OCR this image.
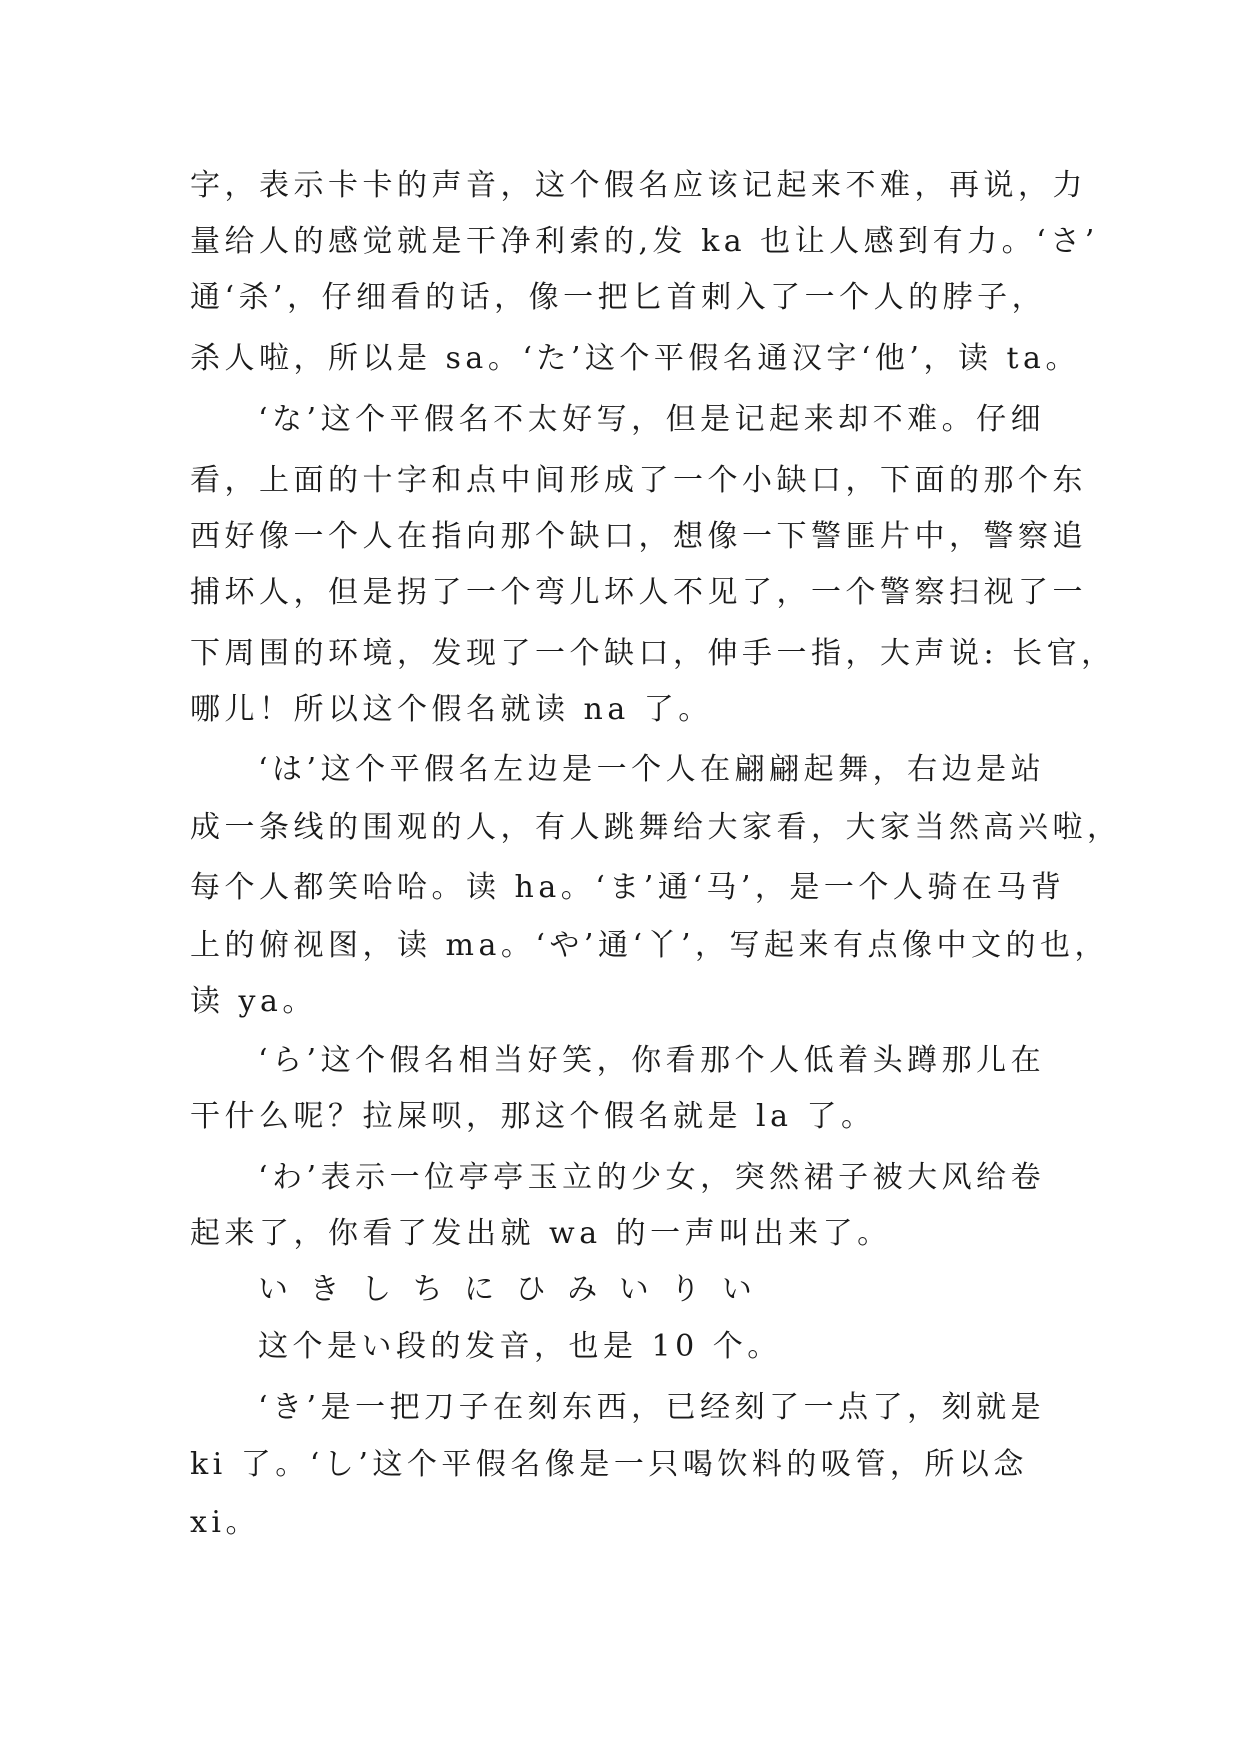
字，表示卡卡的声音，这个假名应该记起来不难，再说，力
量给人的感觉就是干净利索的,发 ka 也让人感到有力。‘さ’
通‘杀’，仔细看的话，像一把匕首刺入了一个人的脖子，
杀人啦，所以是 sa。‘た’这个平假名通汉字‘他’，读 ta。
‘な’这个平假名不太好写，但是记起来却不难。仔细
看，上面的十字和点中间形成了一个小缺口，下面的那个东
西好像一个人在指向那个缺口，想像一下警匪片中，警察追
捕坏人，但是拐了一个弯儿坏人不见了，一个警察扫视了一
下周围的环境，发现了一个缺口，伸手一指，大声说: 长官，
哪儿！所以这个假名就读 na 了。
‘は’这个平假名左边是一个人在翩翩起舞，右边是站
成一条线的围观的人，有人跳舞给大家看，大家当然高兴啦，
每个人都笑哈哈。读 ha。‘ま’通‘马’，是一个人骑在马背
上的俯视图，读 ma。‘や’通‘丫’，写起来有点像中文的也，
读 ya。
‘ら’这个假名相当好笑，你看那个人低着头蹲那儿在
干什么呢？拉屎呗，那这个假名就是 la 了。
‘わ’表示一位亭亭玉立的少女，突然裙子被大风给卷
起来了，你看了发出就 wa 的一声叫出来了。
い き し ち に ひ み い り い
这个是い段的发音，也是 10 个。
‘き’是一把刀子在刻东西，已经刻了一点了，刻就是
ki 了。‘し’这个平假名像是一只喝饮料的吸管，所以念
xi。
